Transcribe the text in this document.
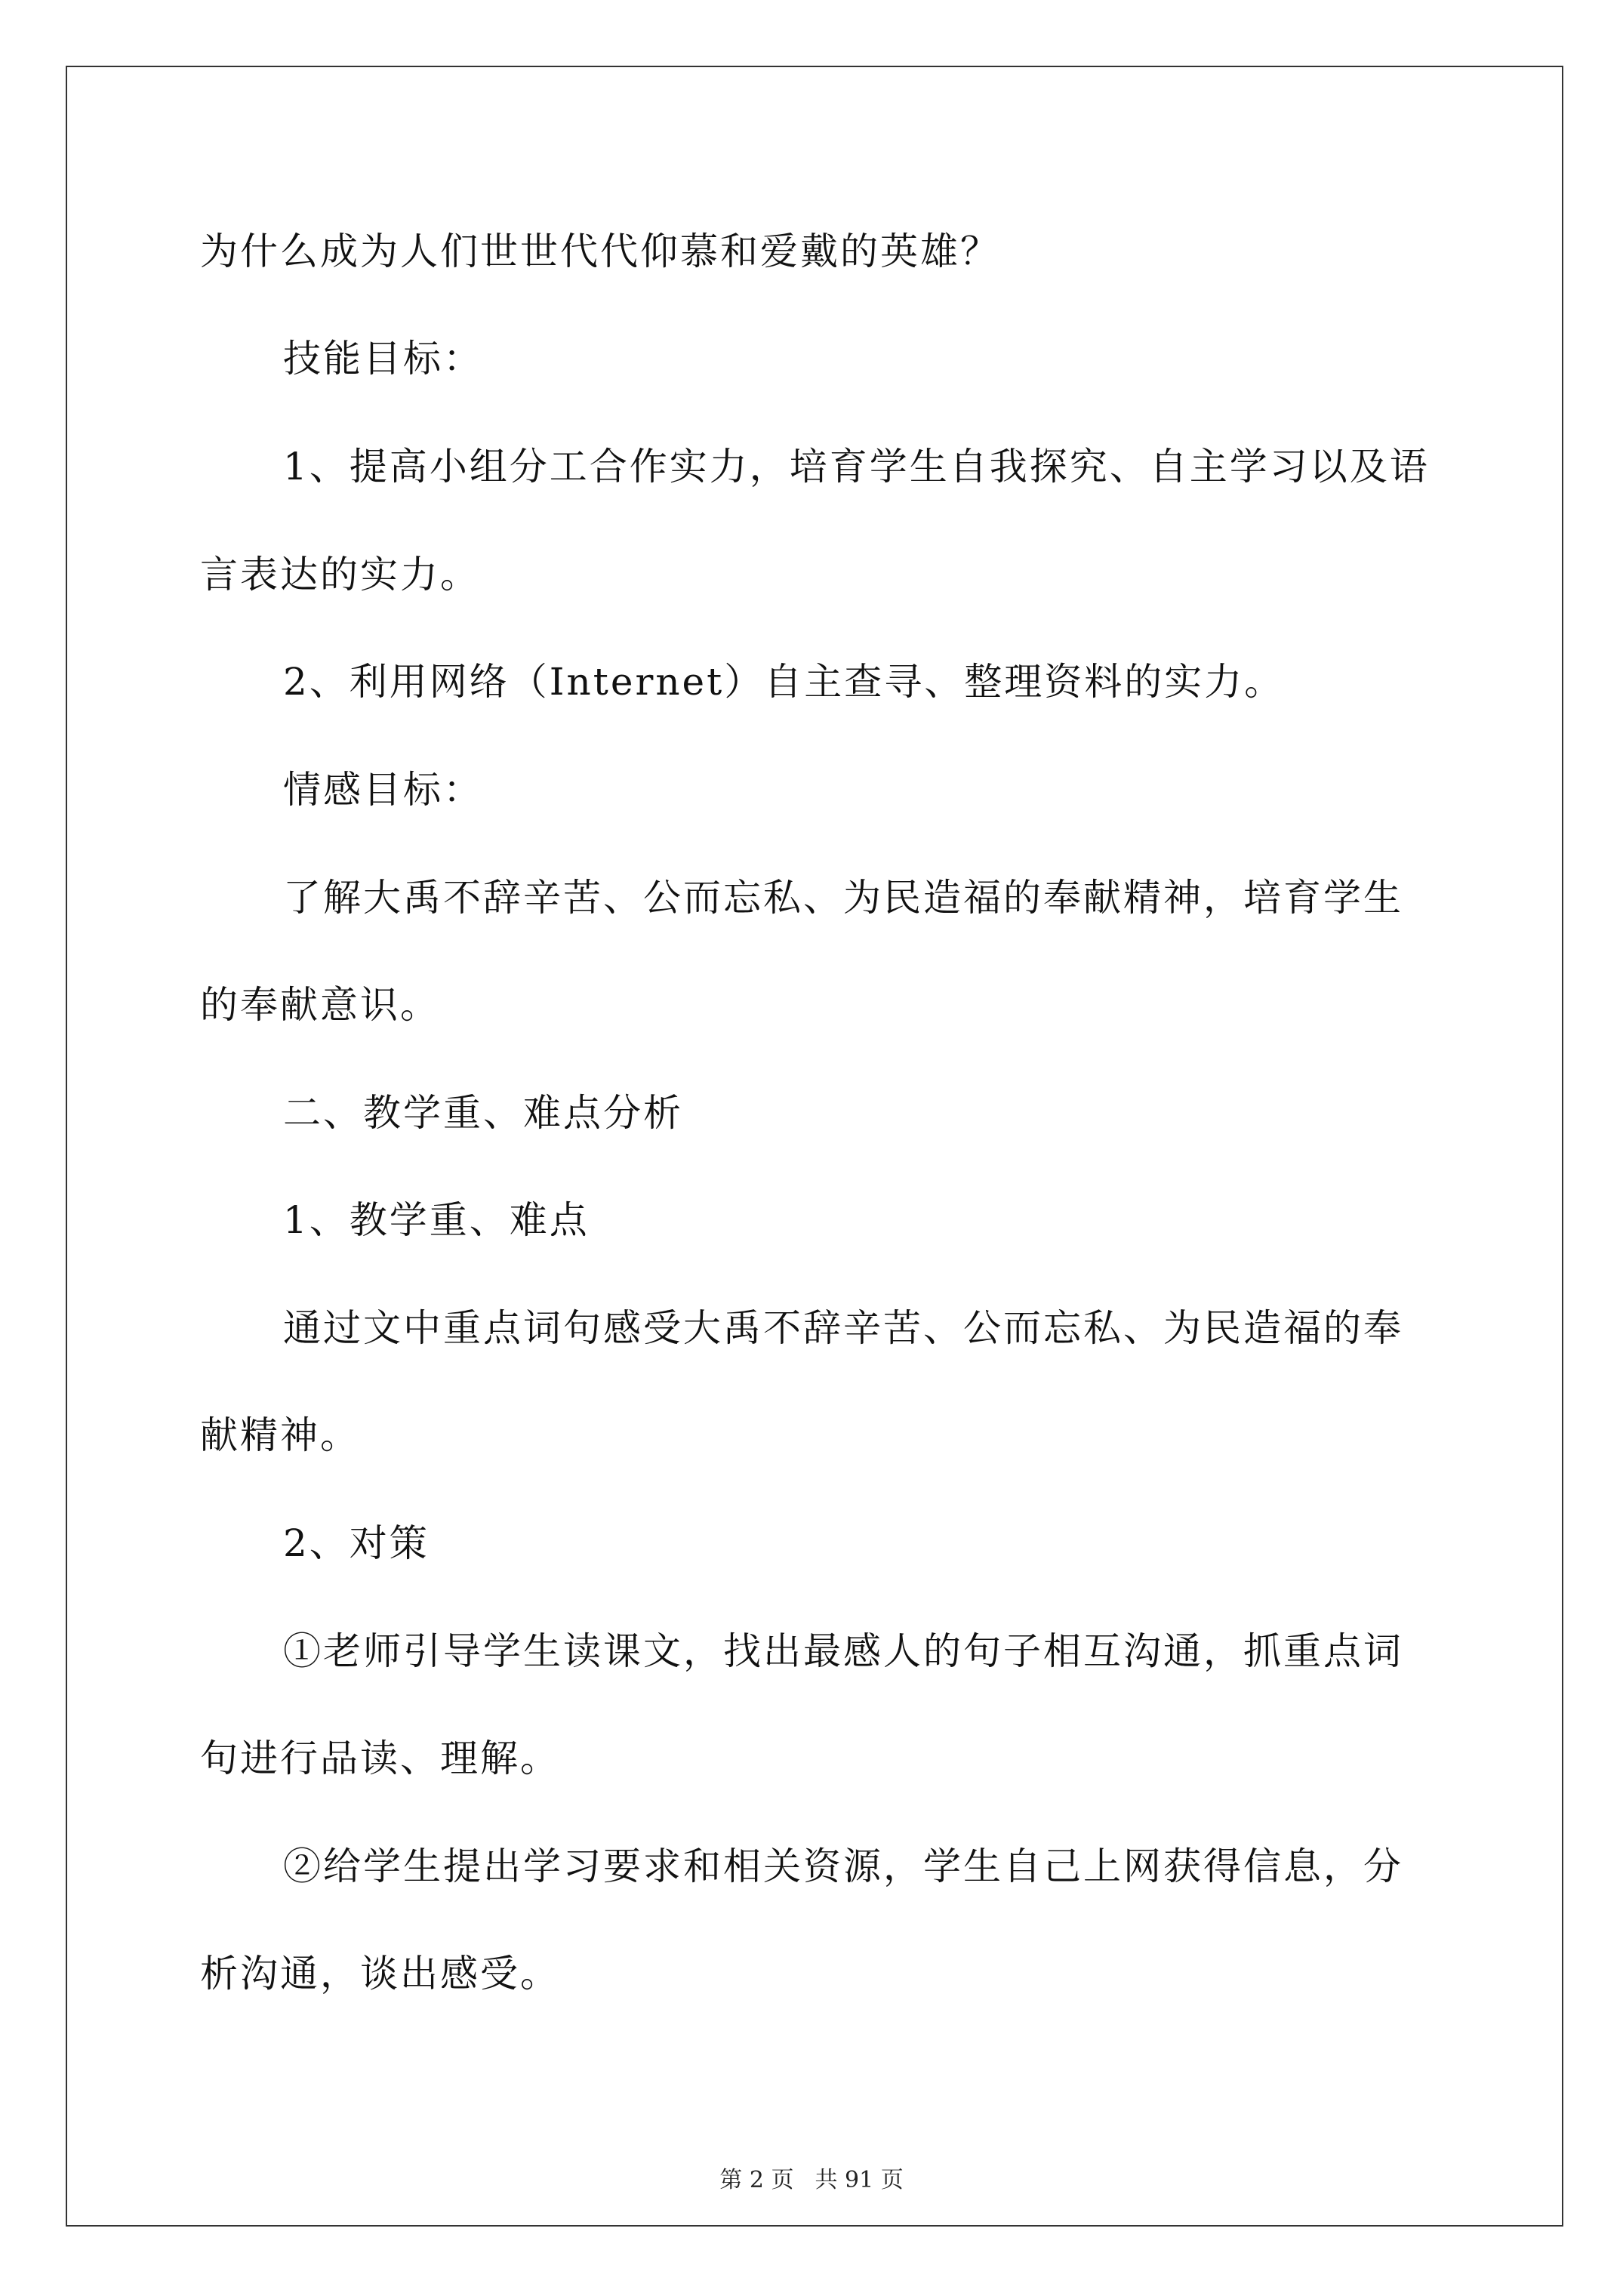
为什么成为人们世世代代仰慕和爱戴的英雄？
技能目标：
1、提高小组分工合作实力，培育学生自我探究、自主学习以及语
言表达的实力。
2、利用网络（Internet）自主查寻、整理资料的实力。
情感目标：
了解大禹不辞辛苦、公而忘私、为民造福的奉献精神，培育学生
的奉献意识。
二、教学重、难点分析
1、教学重、难点
通过文中重点词句感受大禹不辞辛苦、公而忘私、为民造福的奉
献精神。
2、对策
①老师引导学生读课文，找出最感人的句子相互沟通，抓重点词
句进行品读、理解。
②给学生提出学习要求和相关资源，学生自己上网获得信息，分
析沟通，谈出感受。
第 2 页 共 91 页
